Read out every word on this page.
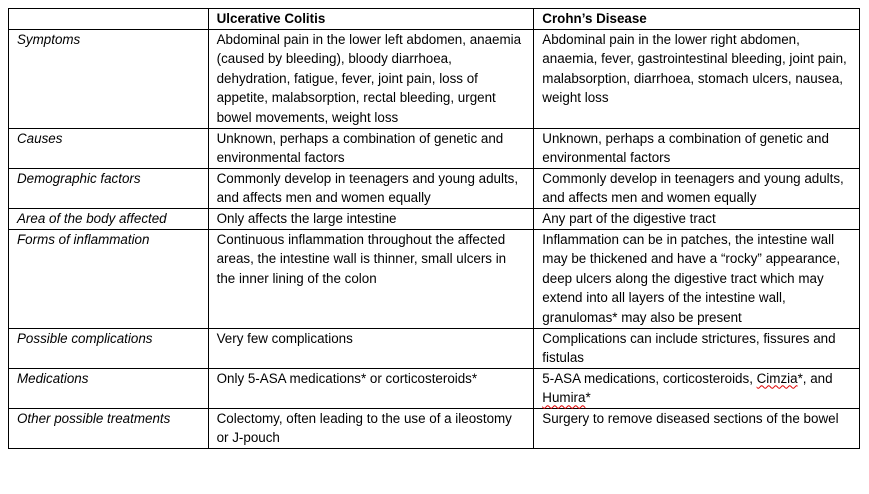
	Ulcerative Colitis	Crohn’s Disease
Symptoms	Abdominal pain in the lower left abdomen, anaemia (caused by bleeding), bloody diarrhoea, dehydration, fatigue, fever, joint pain, loss of appetite, malabsorption, rectal bleeding, urgent bowel movements, weight loss	Abdominal pain in the lower right abdomen, anaemia, fever, gastrointestinal bleeding, joint pain, malabsorption, diarrhoea, stomach ulcers, nausea, weight loss
Causes	Unknown, perhaps a combination of genetic and environmental factors	Unknown, perhaps a combination of genetic and environmental factors
Demographic factors	Commonly develop in teenagers and young adults, and affects men and women equally	Commonly develop in teenagers and young adults, and affects men and women equally
Area of the body affected	Only affects the large intestine	Any part of the digestive tract
Forms of inflammation	Continuous inflammation throughout the affected areas, the intestine wall is thinner, small ulcers in the inner lining of the colon	Inflammation can be in patches, the intestine wall may be thickened and have a “rocky” appearance, deep ulcers along the digestive tract which may extend into all layers of the intestine wall, granulomas* may also be present
Possible complications	Very few complications	Complications can include strictures, fissures and fistulas
Medications	Only 5-ASA medications* or corticosteroids*	5-ASA medications, corticosteroids, Cimzia*, and Humira*
Other possible treatments	Colectomy, often leading to the use of a ileostomy or J-pouch	Surgery to remove diseased sections of the bowel
